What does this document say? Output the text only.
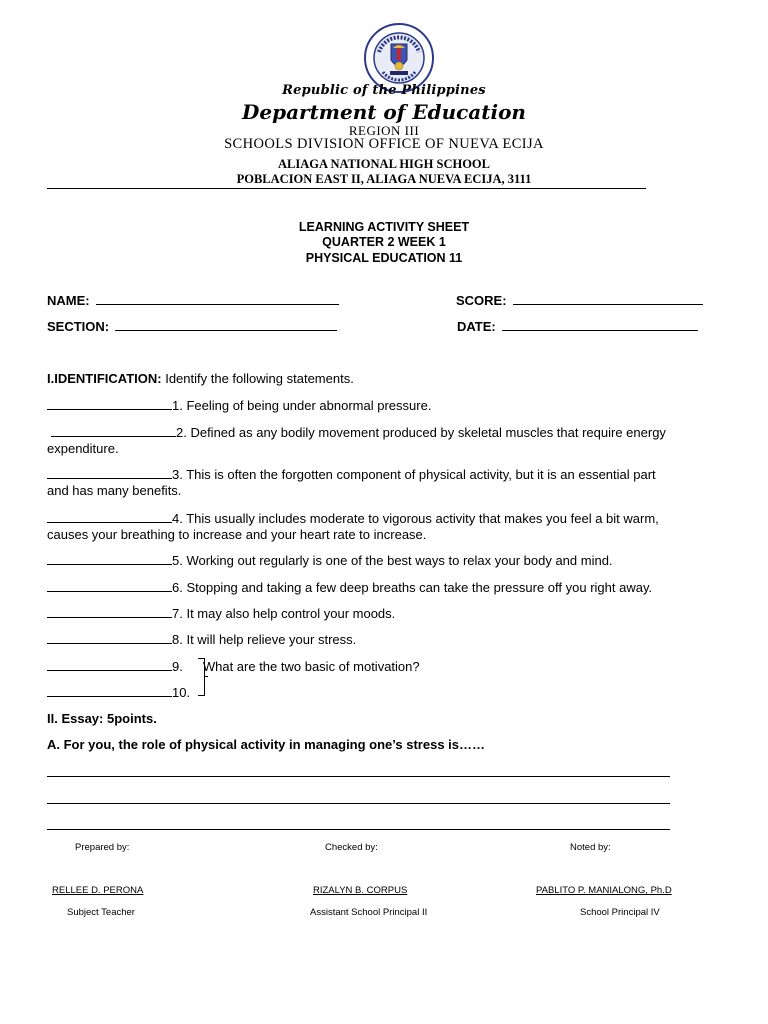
Republic of the Philippines
Department of Education
REGION III
SCHOOLS DIVISION OFFICE OF NUEVA ECIJA
ALIAGA NATIONAL HIGH SCHOOL
POBLACION EAST II, ALIAGA NUEVA ECIJA, 3111
LEARNING ACTIVITY SHEET
QUARTER 2 WEEK 1
PHYSICAL EDUCATION 11
NAME:	SCORE:
SECTION:	DATE:
I.IDENTIFICATION: Identify the following statements.
1. Feeling of being under abnormal pressure.
2. Defined as any bodily movement produced by skeletal muscles that require energy
expenditure.
3. This is often the forgotten component of physical activity, but it is an essential part
and has many benefits.
4. This usually includes moderate to vigorous activity that makes you feel a bit warm,
causes your breathing to increase and your heart rate to increase.
5. Working out regularly is one of the best ways to relax your body and mind.
6. Stopping and taking a few deep breaths can take the pressure off you right away.
7. It may also help control your moods.
8. It will help relieve your stress.
9. What are the two basic of motivation?
10.
II. Essay: 5points.
A. For you, the role of physical activity in managing one’s stress is……
Prepared by:	Checked by:	Noted by:
RELLEE D. PERONA	RIZALYN B. CORPUS	PABLITO P. MANIALONG, Ph.D
Subject Teacher	Assistant School Principal II	School Principal IV
